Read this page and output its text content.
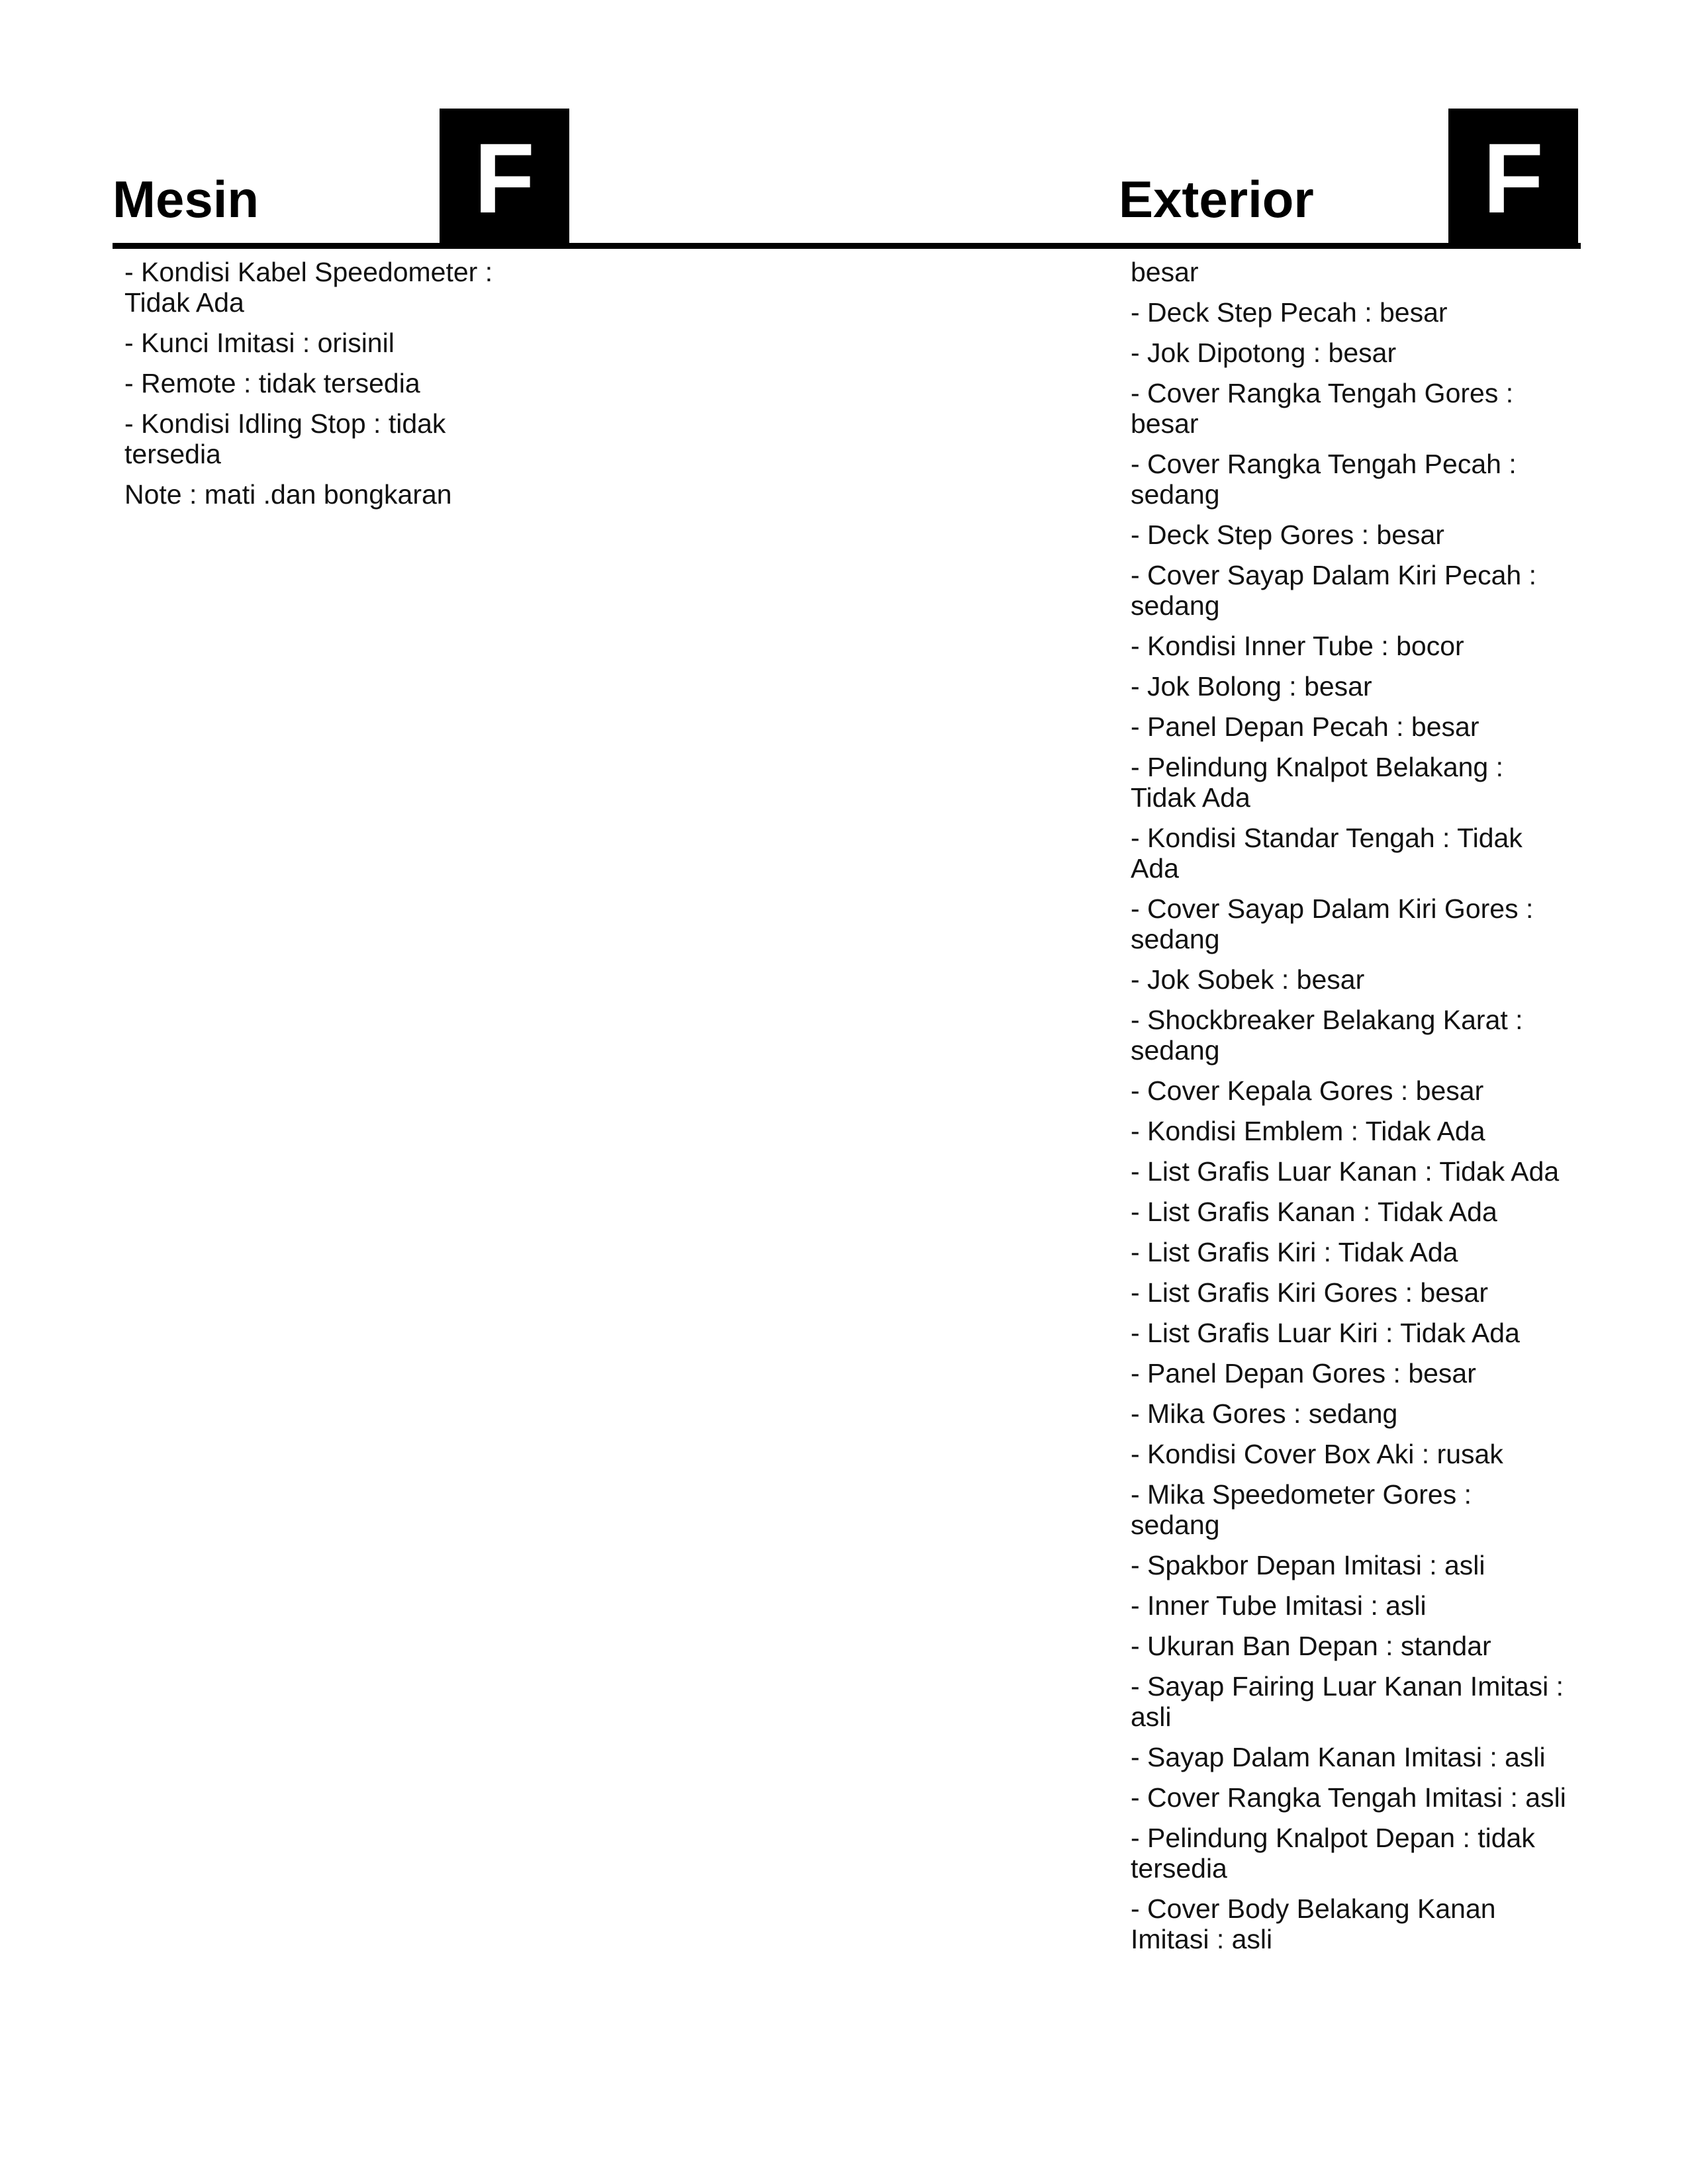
Mesin	F	Exterior	F
- Kondisi Kabel Speedometer : Tidak Ada
- Kunci Imitasi : orisinil
- Remote : tidak tersedia
- Kondisi Idling Stop : tidak tersedia
Note : mati .dan bongkaran
besar
- Deck Step Pecah : besar
- Jok Dipotong : besar
- Cover Rangka Tengah Gores : besar
- Cover Rangka Tengah Pecah : sedang
- Deck Step Gores : besar
- Cover Sayap Dalam Kiri Pecah : sedang
- Kondisi Inner Tube : bocor
- Jok Bolong : besar
- Panel Depan Pecah : besar
- Pelindung Knalpot Belakang : Tidak Ada
- Kondisi Standar Tengah : Tidak Ada
- Cover Sayap Dalam Kiri Gores : sedang
- Jok Sobek : besar
- Shockbreaker Belakang Karat : sedang
- Cover Kepala Gores : besar
- Kondisi Emblem : Tidak Ada
- List Grafis Luar Kanan : Tidak Ada
- List Grafis Kanan : Tidak Ada
- List Grafis Kiri : Tidak Ada
- List Grafis Kiri Gores : besar
- List Grafis Luar Kiri : Tidak Ada
- Panel Depan Gores : besar
- Mika Gores : sedang
- Kondisi Cover Box Aki : rusak
- Mika Speedometer Gores : sedang
- Spakbor Depan Imitasi : asli
- Inner Tube Imitasi : asli
- Ukuran Ban Depan : standar
- Sayap Fairing Luar Kanan Imitasi : asli
- Sayap Dalam Kanan Imitasi : asli
- Cover Rangka Tengah Imitasi : asli
- Pelindung Knalpot Depan : tidak tersedia
- Cover Body Belakang Kanan Imitasi : asli
